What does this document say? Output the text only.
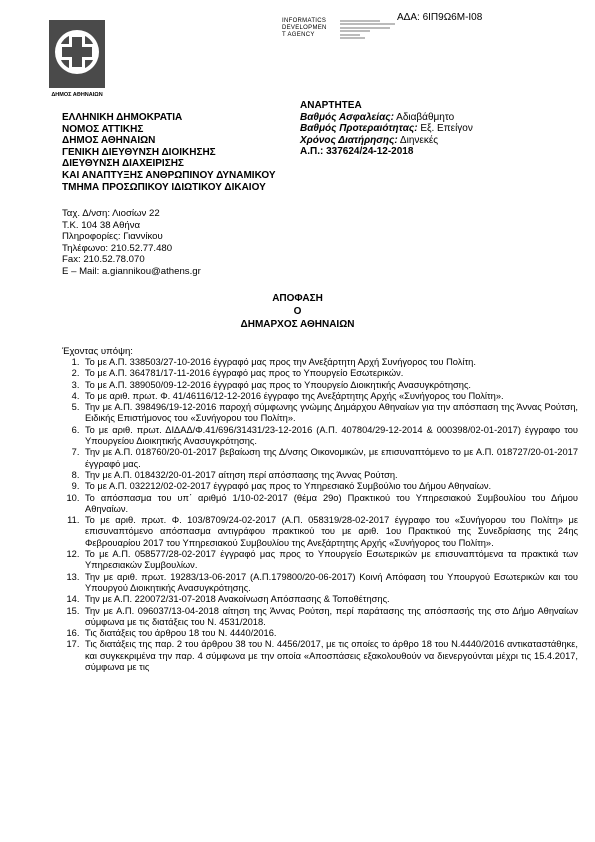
ΑΔΑ: 6ΙΠ9Ω6Μ-Ι08
ΔΗΜΟΣ ΑΘΗΝΑΙΩΝ
INFORMATICS
DEVELOPMEN
T AGENCY
ΕΛΛΗΝΙΚΗ ΔΗΜΟΚΡΑΤΙΑ
ΝΟΜΟΣ ΑΤΤΙΚΗΣ
ΔΗΜΟΣ ΑΘΗΝΑΙΩΝ
ΓΕΝΙΚΗ ΔΙΕΥΘΥΝΣΗ ΔΙΟΙΚΗΣΗΣ
ΔΙΕΥΘΥΝΣΗ ΔΙΑΧΕΙΡΙΣΗΣ
ΚΑΙ ΑΝΑΠΤΥΞΗΣ ΑΝΘΡΩΠΙΝΟΥ ΔΥΝΑΜΙΚΟΥ
ΤΜΗΜΑ ΠΡΟΣΩΠΙΚΟΥ ΙΔΙΩΤΙΚΟΥ ΔΙΚΑΙΟΥ
ΑΝΑΡΤΗΤΕΑ
Βαθμός Ασφαλείας: Αδιαβάθμητο
Βαθμός Προτεραιότητας: Εξ. Επείγον
Χρόνος Διατήρησης: Διηνεκές
Α.Π.: 337624/24-12-2018
Ταχ. Δ/νση: Λιοσίων 22
Τ.Κ. 104 38 Αθήνα
Πληροφορίες: Γιαννίκου
Τηλέφωνο: 210.52.77.480
Fax: 210.52.78.070
E – Mail: a.giannikou@athens.gr
ΑΠΟΦΑΣΗ
Ο
ΔΗΜΑΡΧΟΣ ΑΘΗΝΑΙΩΝ
Έχοντας υπόψη:
1. Το με Α.Π. 338503/27-10-2016 έγγραφό μας προς την Ανεξάρτητη Αρχή Συνήγορος του Πολίτη.
2. Το με Α.Π. 364781/17-11-2016 έγγραφό μας προς το Υπουργείο Εσωτερικών.
3. Το με Α.Π. 389050/09-12-2016 έγγραφό μας προς το Υπουργείο Διοικητικής Ανασυγκρότησης.
4. Το με αριθ. πρωτ. Φ. 41/46116/12-12-2016 έγγραφο της Ανεξάρτητης Αρχής «Συνήγορος του Πολίτη».
5. Την με Α.Π. 398496/19-12-2016 παροχή σύμφωνης γνώμης Δημάρχου Αθηναίων για την απόσπαση της Άννας Ρούτση, Ειδικής Επιστήμονος του «Συνήγορου του Πολίτη».
6. Το με αριθ. πρωτ. ΔΙΔΑΔ/Φ.41/696/31431/23-12-2016 (Α.Π. 407804/29-12-2014 & 000398/02-01-2017) έγγραφο του Υπουργείου Διοικητικής Ανασυγκρότησης.
7. Την με Α.Π. 018760/20-01-2017 βεβαίωση της Δ/νσης Οικονομικών, με επισυναπτόμενο το με Α.Π. 018727/20-01-2017 έγγραφό μας.
8. Την με Α.Π. 018432/20-01-2017 αίτηση περί απόσπασης της Άννας Ρούτση.
9. Το με Α.Π. 032212/02-02-2017 έγγραφό μας προς το Υπηρεσιακό Συμβούλιο του Δήμου Αθηναίων.
10. Το απόσπασμα του υπ΄ αριθμό 1/10-02-2017 (θέμα 29ο) Πρακτικού του Υπηρεσιακού Συμβουλίου του Δήμου Αθηναίων.
11. Το με αριθ. πρωτ. Φ. 103/8709/24-02-2017 (Α.Π. 058319/28-02-2017 έγγραφο του «Συνήγορου του Πολίτη» με επισυναπτόμενο απόσπασμα αντιγράφου πρακτικού του με αριθ. 1ου Πρακτικού της Συνεδρίασης της 24ης Φεβρουαρίου 2017 του Υπηρεσιακού Συμβουλίου της Ανεξάρτητης Αρχής «Συνήγορος του Πολίτη».
12. Το με Α.Π. 058577/28-02-2017 έγγραφό μας προς το Υπουργείο Εσωτερικών με επισυναπτόμενα τα πρακτικά των Υπηρεσιακών Συμβουλίων.
13. Την με αριθ. πρωτ. 19283/13-06-2017 (Α.Π.179800/20-06-2017) Κοινή Απόφαση του Υπουργού Εσωτερικών και του Υπουργού Διοικητικής Ανασυγκρότησης.
14. Την με Α.Π. 220072/31-07-2018 Ανακοίνωση Απόσπασης & Τοποθέτησης.
15. Την με Α.Π. 096037/13-04-2018 αίτηση της Άννας Ρούτση, περί παράτασης της απόσπασής της στο Δήμο Αθηναίων σύμφωνα με τις διατάξεις του Ν. 4531/2018.
16. Τις διατάξεις του άρθρου 18 του Ν. 4440/2016.
17. Τις διατάξεις της παρ. 2 του άρθρου 38 του Ν. 4456/2017, με τις οποίες το άρθρο 18 του Ν.4440/2016 αντικαταστάθηκε, και συγκεκριμένα την παρ. 4 σύμφωνα με την οποία «Αποσπάσεις εξακολουθούν να διενεργούνται μέχρι τις 15.4.2017, σύμφωνα με τις
